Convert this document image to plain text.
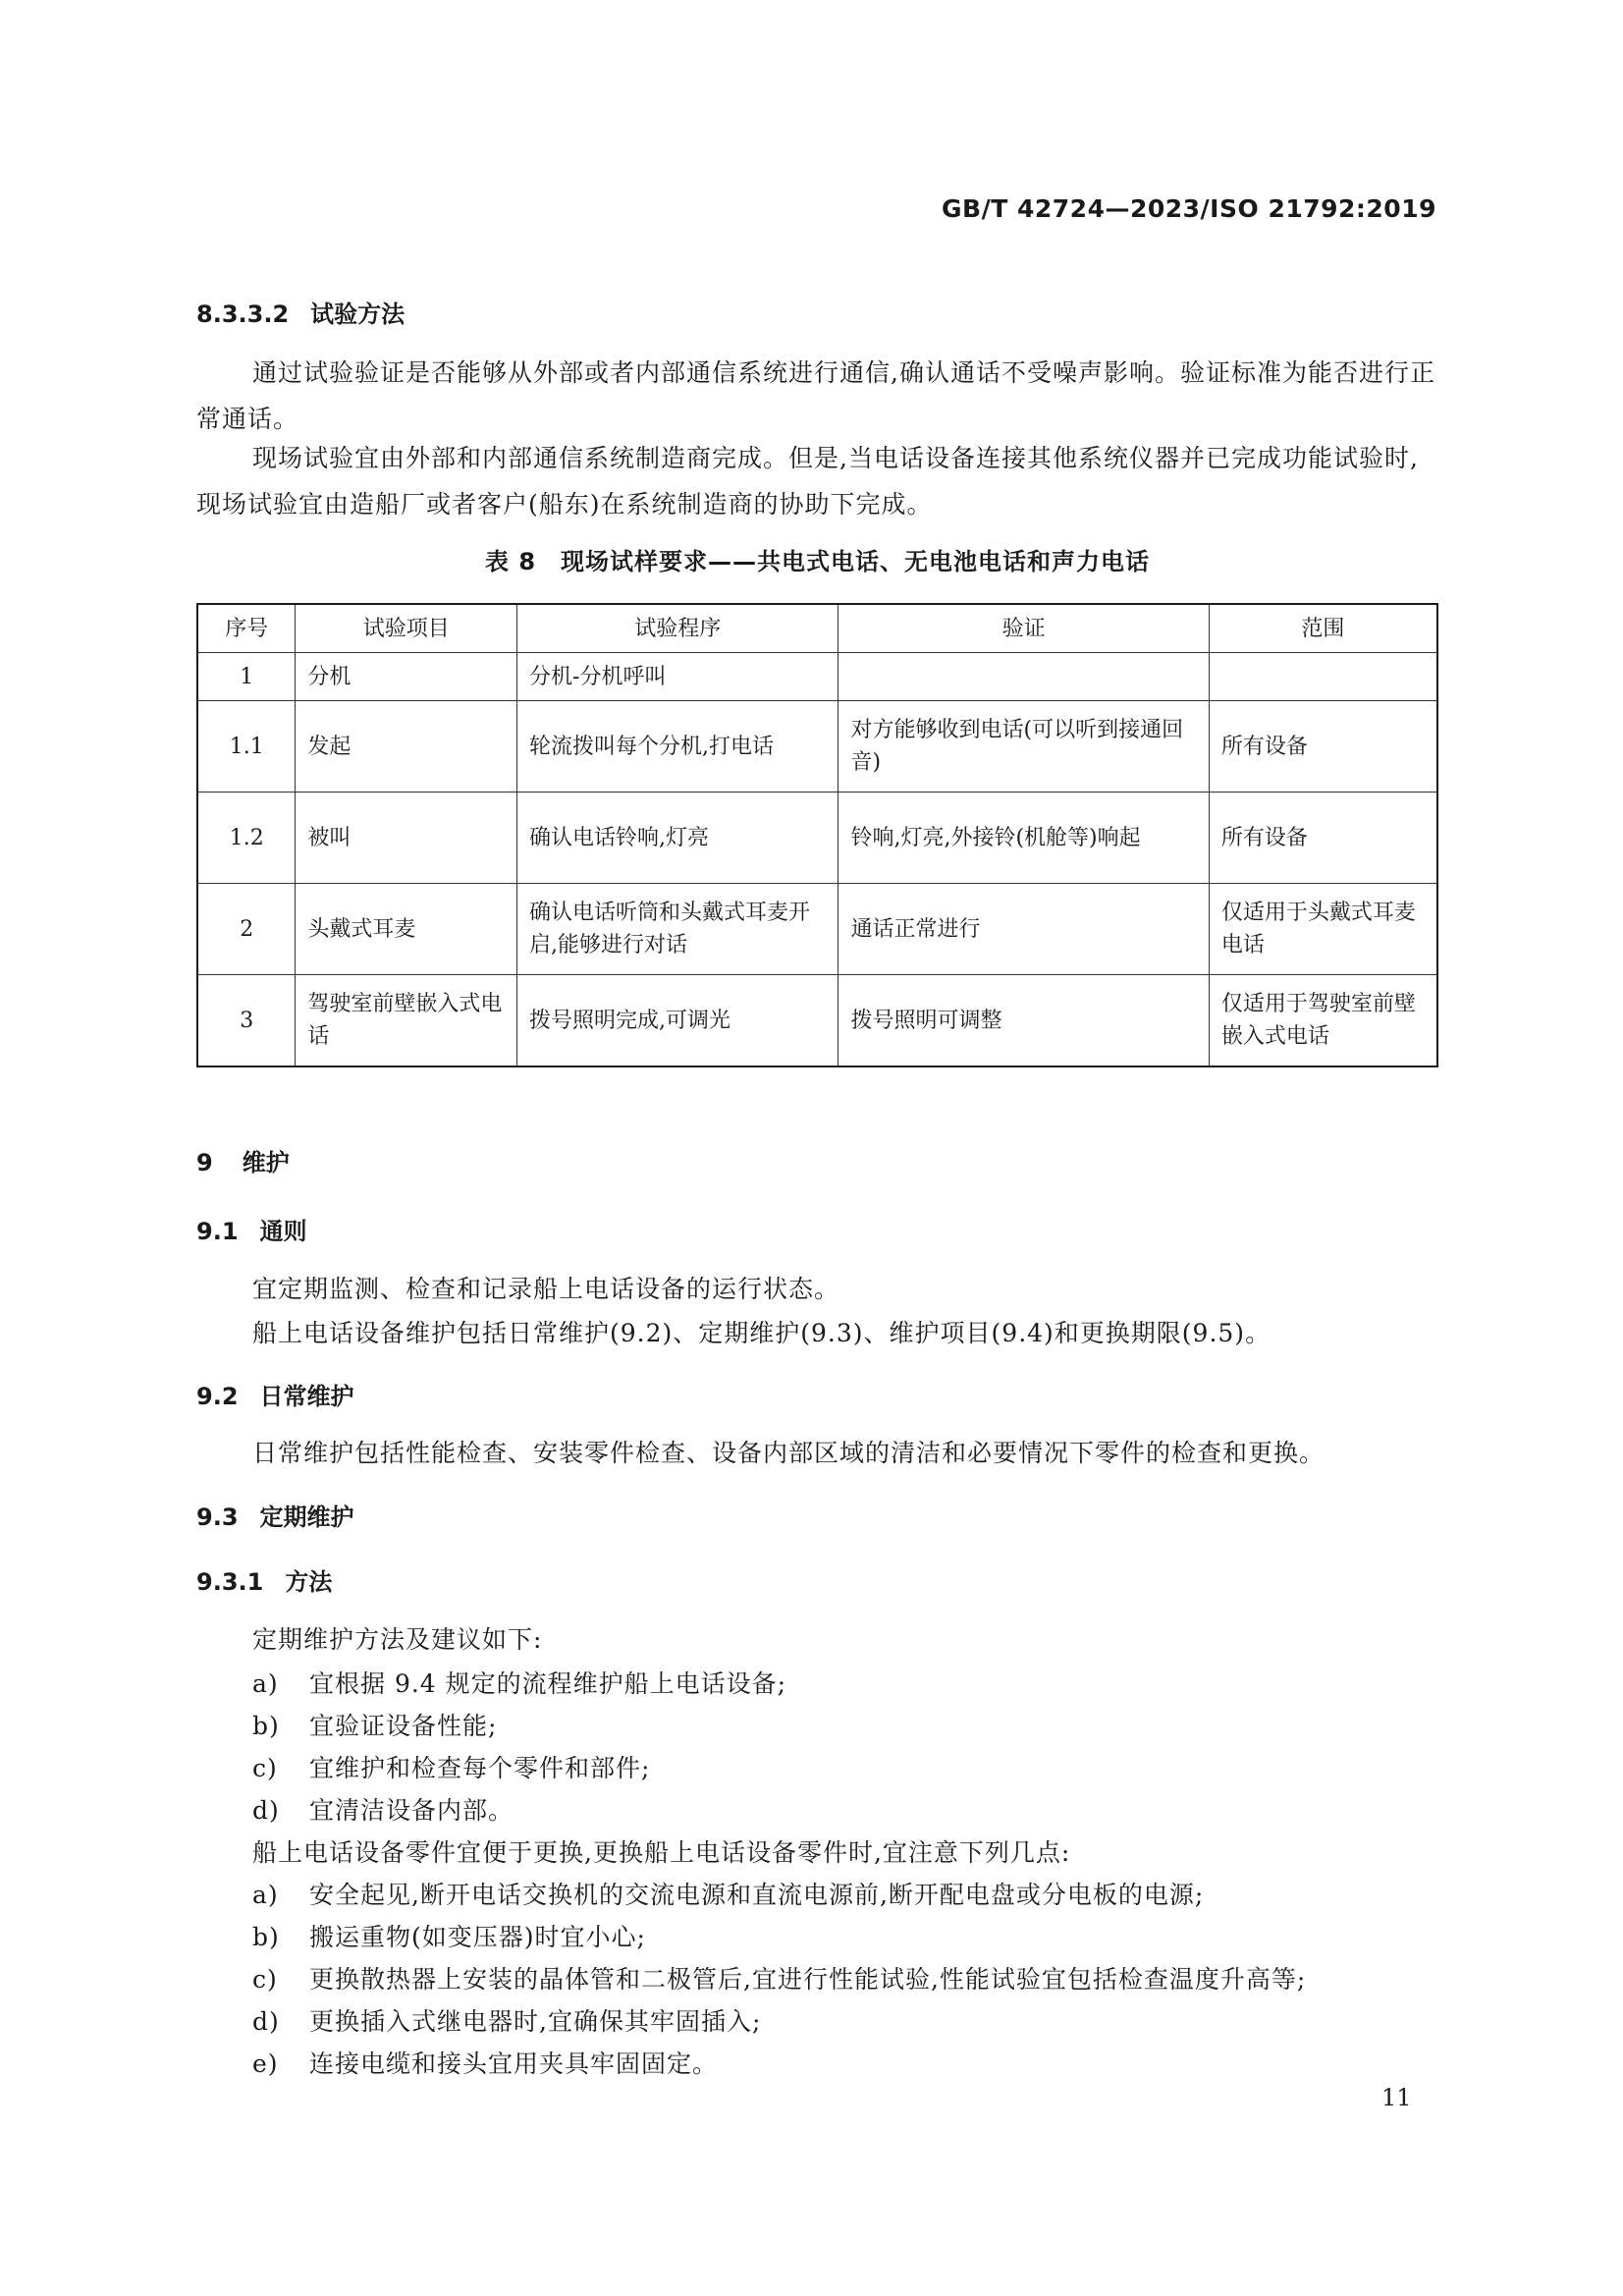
GB/T 42724—2023/ISO 21792:2019
8.3.3.2 试验方法
通过试验验证是否能够从外部或者内部通信系统进行通信,确认通话不受噪声影响。验证标准为能否进行正常通话。
现场试验宜由外部和内部通信系统制造商完成。但是,当电话设备连接其他系统仪器并已完成功能试验时,现场试验宜由造船厂或者客户(船东)在系统制造商的协助下完成。
表 8　现场试样要求——共电式电话、无电池电话和声力电话
序号	试验项目	试验程序	验证	范围
1	分机	分机-分机呼叫		
1.1	发起	轮流拨叫每个分机,打电话	对方能够收到电话(可以听到接通回音)	所有设备
1.2	被叫	确认电话铃响,灯亮	铃响,灯亮,外接铃(机舱等)响起	所有设备
2	头戴式耳麦	确认电话听筒和头戴式耳麦开启,能够进行对话	通话正常进行	仅适用于头戴式耳麦电话
3	驾驶室前壁嵌入式电话	拨号照明完成,可调光	拨号照明可调整	仅适用于驾驶室前壁嵌入式电话
9 维护
9.1 通则
宜定期监测、检查和记录船上电话设备的运行状态。
船上电话设备维护包括日常维护(9.2)、定期维护(9.3)、维护项目(9.4)和更换期限(9.5)。
9.2 日常维护
日常维护包括性能检查、安装零件检查、设备内部区域的清洁和必要情况下零件的检查和更换。
9.3 定期维护
9.3.1 方法
定期维护方法及建议如下:
a) 宜根据 9.4 规定的流程维护船上电话设备;
b) 宜验证设备性能;
c) 宜维护和检查每个零件和部件;
d) 宜清洁设备内部。
船上电话设备零件宜便于更换,更换船上电话设备零件时,宜注意下列几点:
a) 安全起见,断开电话交换机的交流电源和直流电源前,断开配电盘或分电板的电源;
b) 搬运重物(如变压器)时宜小心;
c) 更换散热器上安装的晶体管和二极管后,宜进行性能试验,性能试验宜包括检查温度升高等;
d) 更换插入式继电器时,宜确保其牢固插入;
e) 连接电缆和接头宜用夹具牢固固定。
11
